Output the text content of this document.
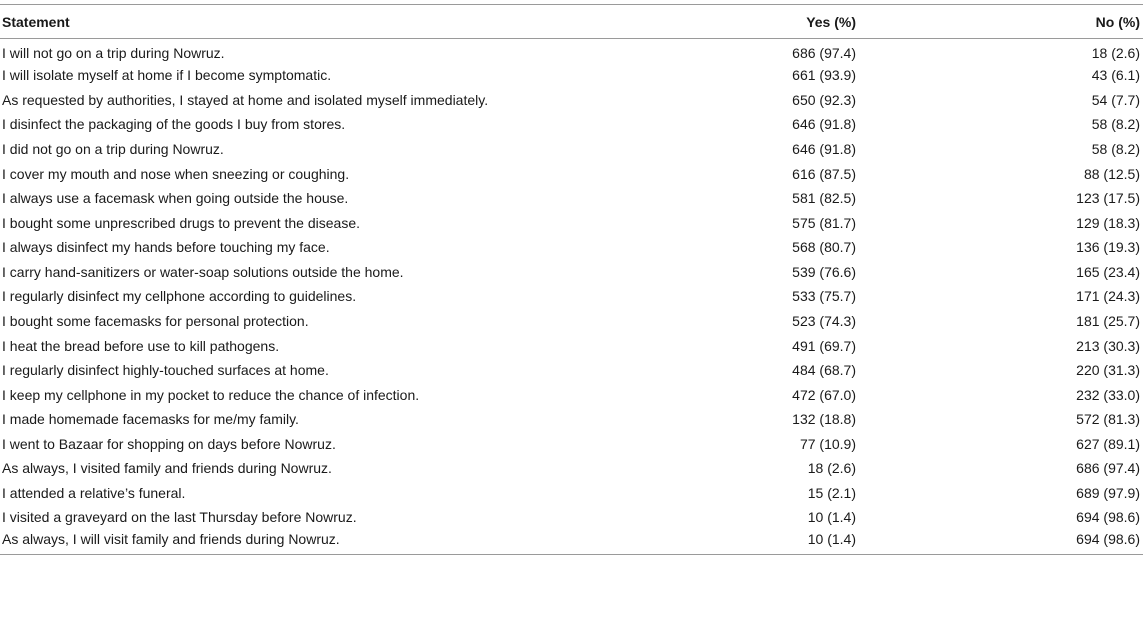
Statement	Yes (%)	No (%)
I will not go on a trip during Nowruz.	686 (97.4)	18 (2.6)
I will isolate myself at home if I become symptomatic.	661 (93.9)	43 (6.1)
As requested by authorities, I stayed at home and isolated myself immediately.	650 (92.3)	54 (7.7)
I disinfect the packaging of the goods I buy from stores.	646 (91.8)	58 (8.2)
I did not go on a trip during Nowruz.	646 (91.8)	58 (8.2)
I cover my mouth and nose when sneezing or coughing.	616 (87.5)	88 (12.5)
I always use a facemask when going outside the house.	581 (82.5)	123 (17.5)
I bought some unprescribed drugs to prevent the disease.	575 (81.7)	129 (18.3)
I always disinfect my hands before touching my face.	568 (80.7)	136 (19.3)
I carry hand-sanitizers or water-soap solutions outside the home.	539 (76.6)	165 (23.4)
I regularly disinfect my cellphone according to guidelines.	533 (75.7)	171 (24.3)
I bought some facemasks for personal protection.	523 (74.3)	181 (25.7)
I heat the bread before use to kill pathogens.	491 (69.7)	213 (30.3)
I regularly disinfect highly-touched surfaces at home.	484 (68.7)	220 (31.3)
I keep my cellphone in my pocket to reduce the chance of infection.	472 (67.0)	232 (33.0)
I made homemade facemasks for me/my family.	132 (18.8)	572 (81.3)
I went to Bazaar for shopping on days before Nowruz.	77 (10.9)	627 (89.1)
As always, I visited family and friends during Nowruz.	18 (2.6)	686 (97.4)
I attended a relative’s funeral.	15 (2.1)	689 (97.9)
I visited a graveyard on the last Thursday before Nowruz.	10 (1.4)	694 (98.6)
As always, I will visit family and friends during Nowruz.	10 (1.4)	694 (98.6)
